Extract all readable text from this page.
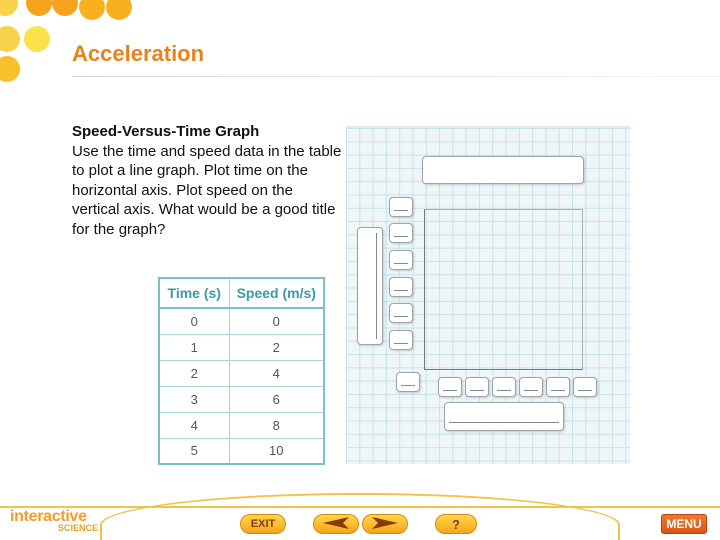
Acceleration
Speed-Versus-Time Graph
Use the time and speed data in the table to plot a line graph. Plot time on the horizontal axis. Plot speed on the vertical axis. What would be a good title for the graph?
Time (s)	Speed (m/s)
0	0
1	2
2	4
3	6
4	8
5	10
interactive
SCIENCE	EXIT	?	MENU
